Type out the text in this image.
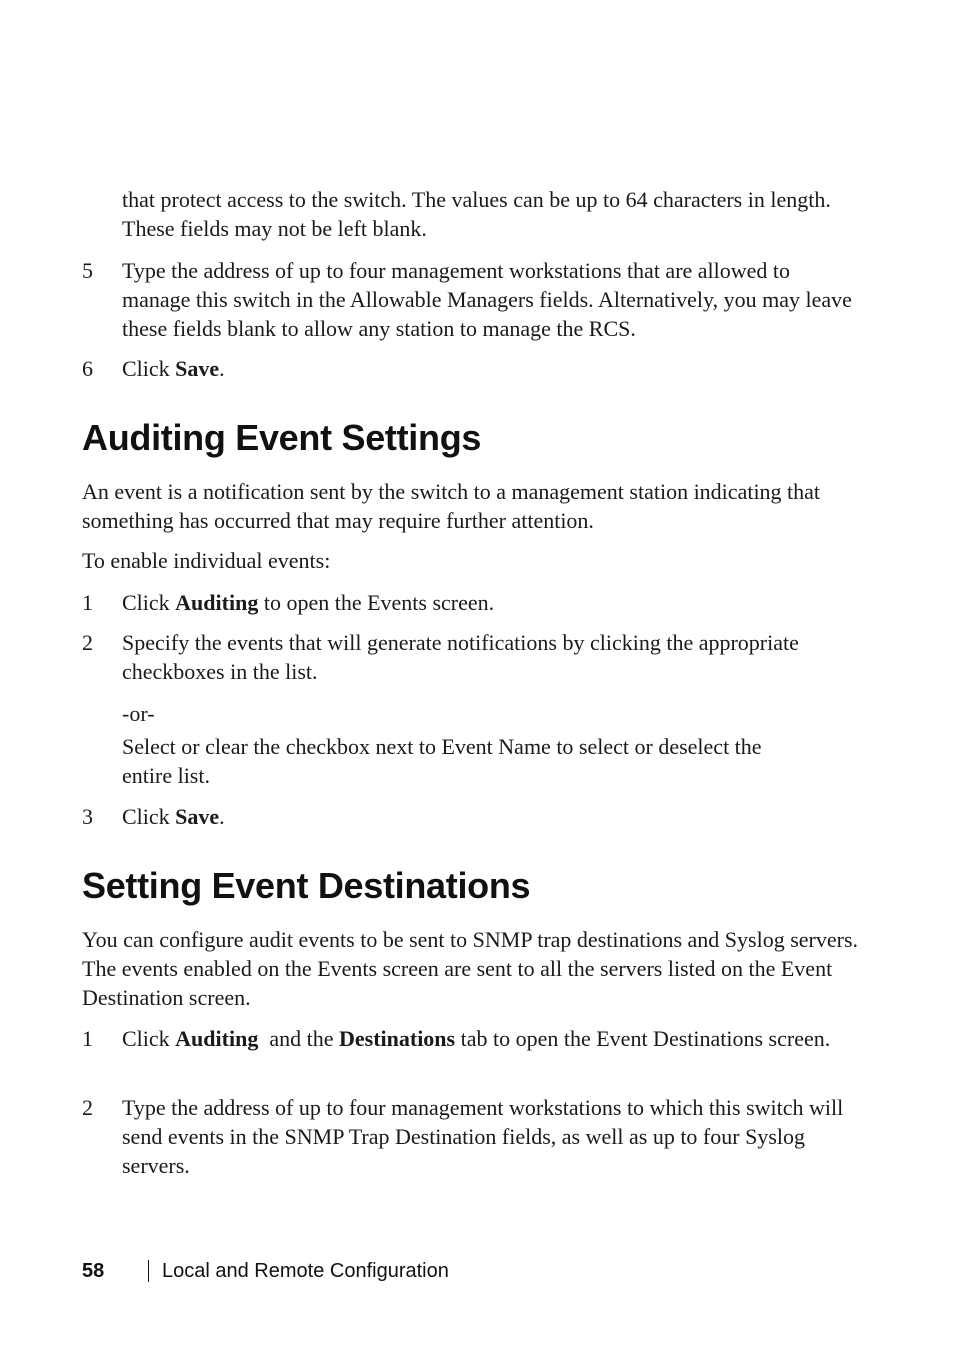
that protect access to the switch. The values can be up to 64 characters in length. These fields may not be left blank.

5	Type the address of up to four management workstations that are allowed to manage this switch in the Allowable Managers fields. Alternatively, you may leave these fields blank to allow any station to manage the RCS.
6	Click Save.
Auditing Event Settings

An event is a notification sent by the switch to a management station indicating that something has occurred that may require further attention.

To enable individual events:

1	Click Auditing to open the Events screen.
2	Specify the events that will generate notifications by clicking the appropriate checkboxes in the list.

-or-

Select or clear the checkbox next to Event Name to select or deselect the entire list.

3	Click Save.
Setting Event Destinations

You can configure audit events to be sent to SNMP trap destinations and Syslog servers. The events enabled on the Events screen are sent to all the servers listed on the Event Destination screen.

1	Click Auditing  and the Destinations tab to open the Event Destinations screen.
2	Type the address of up to four management workstations to which this switch will send events in the SNMP Trap Destination fields, as well as up to four Syslog servers.
58	Local and Remote Configuration
